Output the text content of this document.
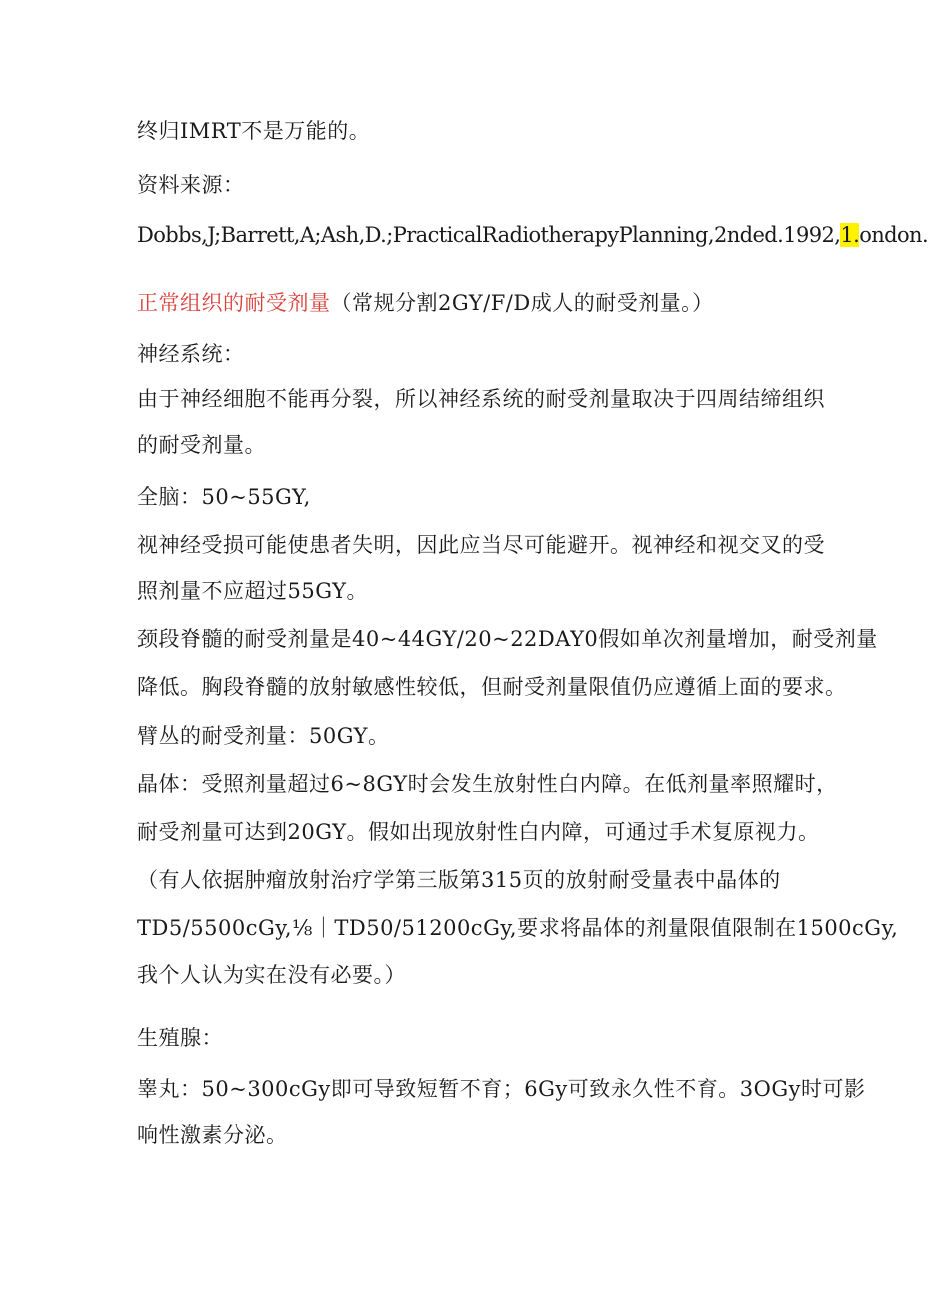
终归IMRT不是万能的。
资料来源：
Dobbs,J;Barrett,A;Ash,D.;PracticalRadiotherapyPlanning,2nded.1992,1.ondon.
正常组织的耐受剂量（常规分割2GY/F/D成人的耐受剂量。）
神经系统：
由于神经细胞不能再分裂，所以神经系统的耐受剂量取决于四周结缔组织
的耐受剂量。
全脑：50~55GY,
视神经受损可能使患者失明，因此应当尽可能避开。视神经和视交叉的受
照剂量不应超过55GY。
颈段脊髓的耐受剂量是40~44GY/20~22DAY0假如单次剂量增加，耐受剂量
降低。胸段脊髓的放射敏感性较低，但耐受剂量限值仍应遵循上面的要求。
臂丛的耐受剂量：50GY。
晶体：受照剂量超过6~8GY时会发生放射性白内障。在低剂量率照耀时，
耐受剂量可达到20GY。假如出现放射性白内障，可通过手术复原视力。
（有人依据肿瘤放射治疗学第三版第315页的放射耐受量表中晶体的
TD5/5500cGy,⅛｜TD50/51200cGy,要求将晶体的剂量限值限制在1500cGy,
我个人认为实在没有必要。）
生殖腺：
睾丸：50~300cGy即可导致短暂不育；6Gy可致永久性不育。3OGy时可影
响性激素分泌。
